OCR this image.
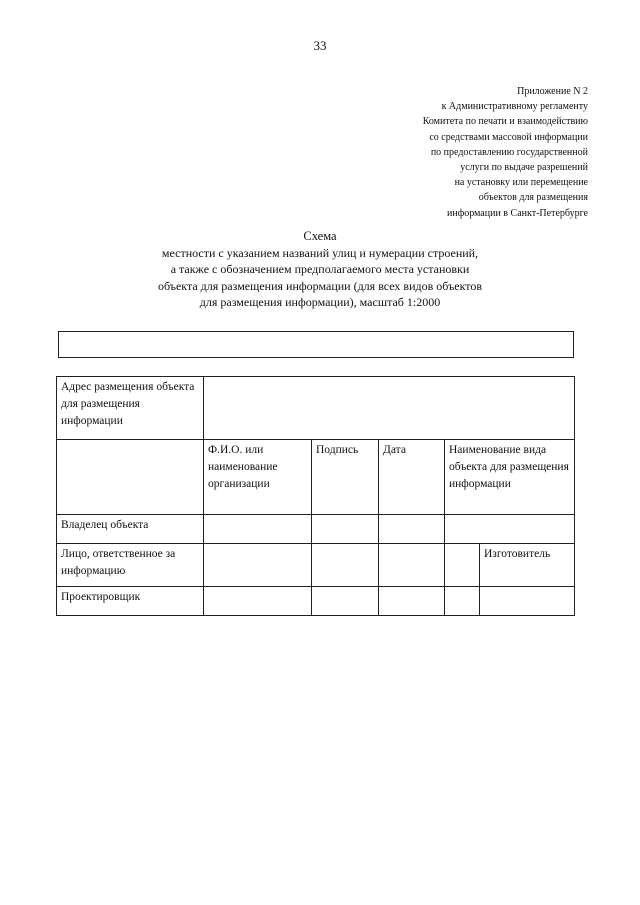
33
Приложение N 2
к Административному регламенту
Комитета по печати и взаимодействию
со средствами массовой информации
по предоставлению государственной
услуги по выдаче разрешений
на установку или перемещение
объектов для размещения
информации в Санкт-Петербурге
Схема
местности с указанием названий улиц и нумерации строений,
а также с обозначением предполагаемого места установки
объекта для размещения информации (для всех видов объектов
для размещения информации), масштаб 1:2000
Адрес размещения объекта для размещения информации					
	Ф.И.О. или наименование организации	Подпись	Дата	Наименование вида объекта для размещения информации	
Владелец объекта					
Лицо, ответственное за информацию					Изготовитель
Проектировщик					
